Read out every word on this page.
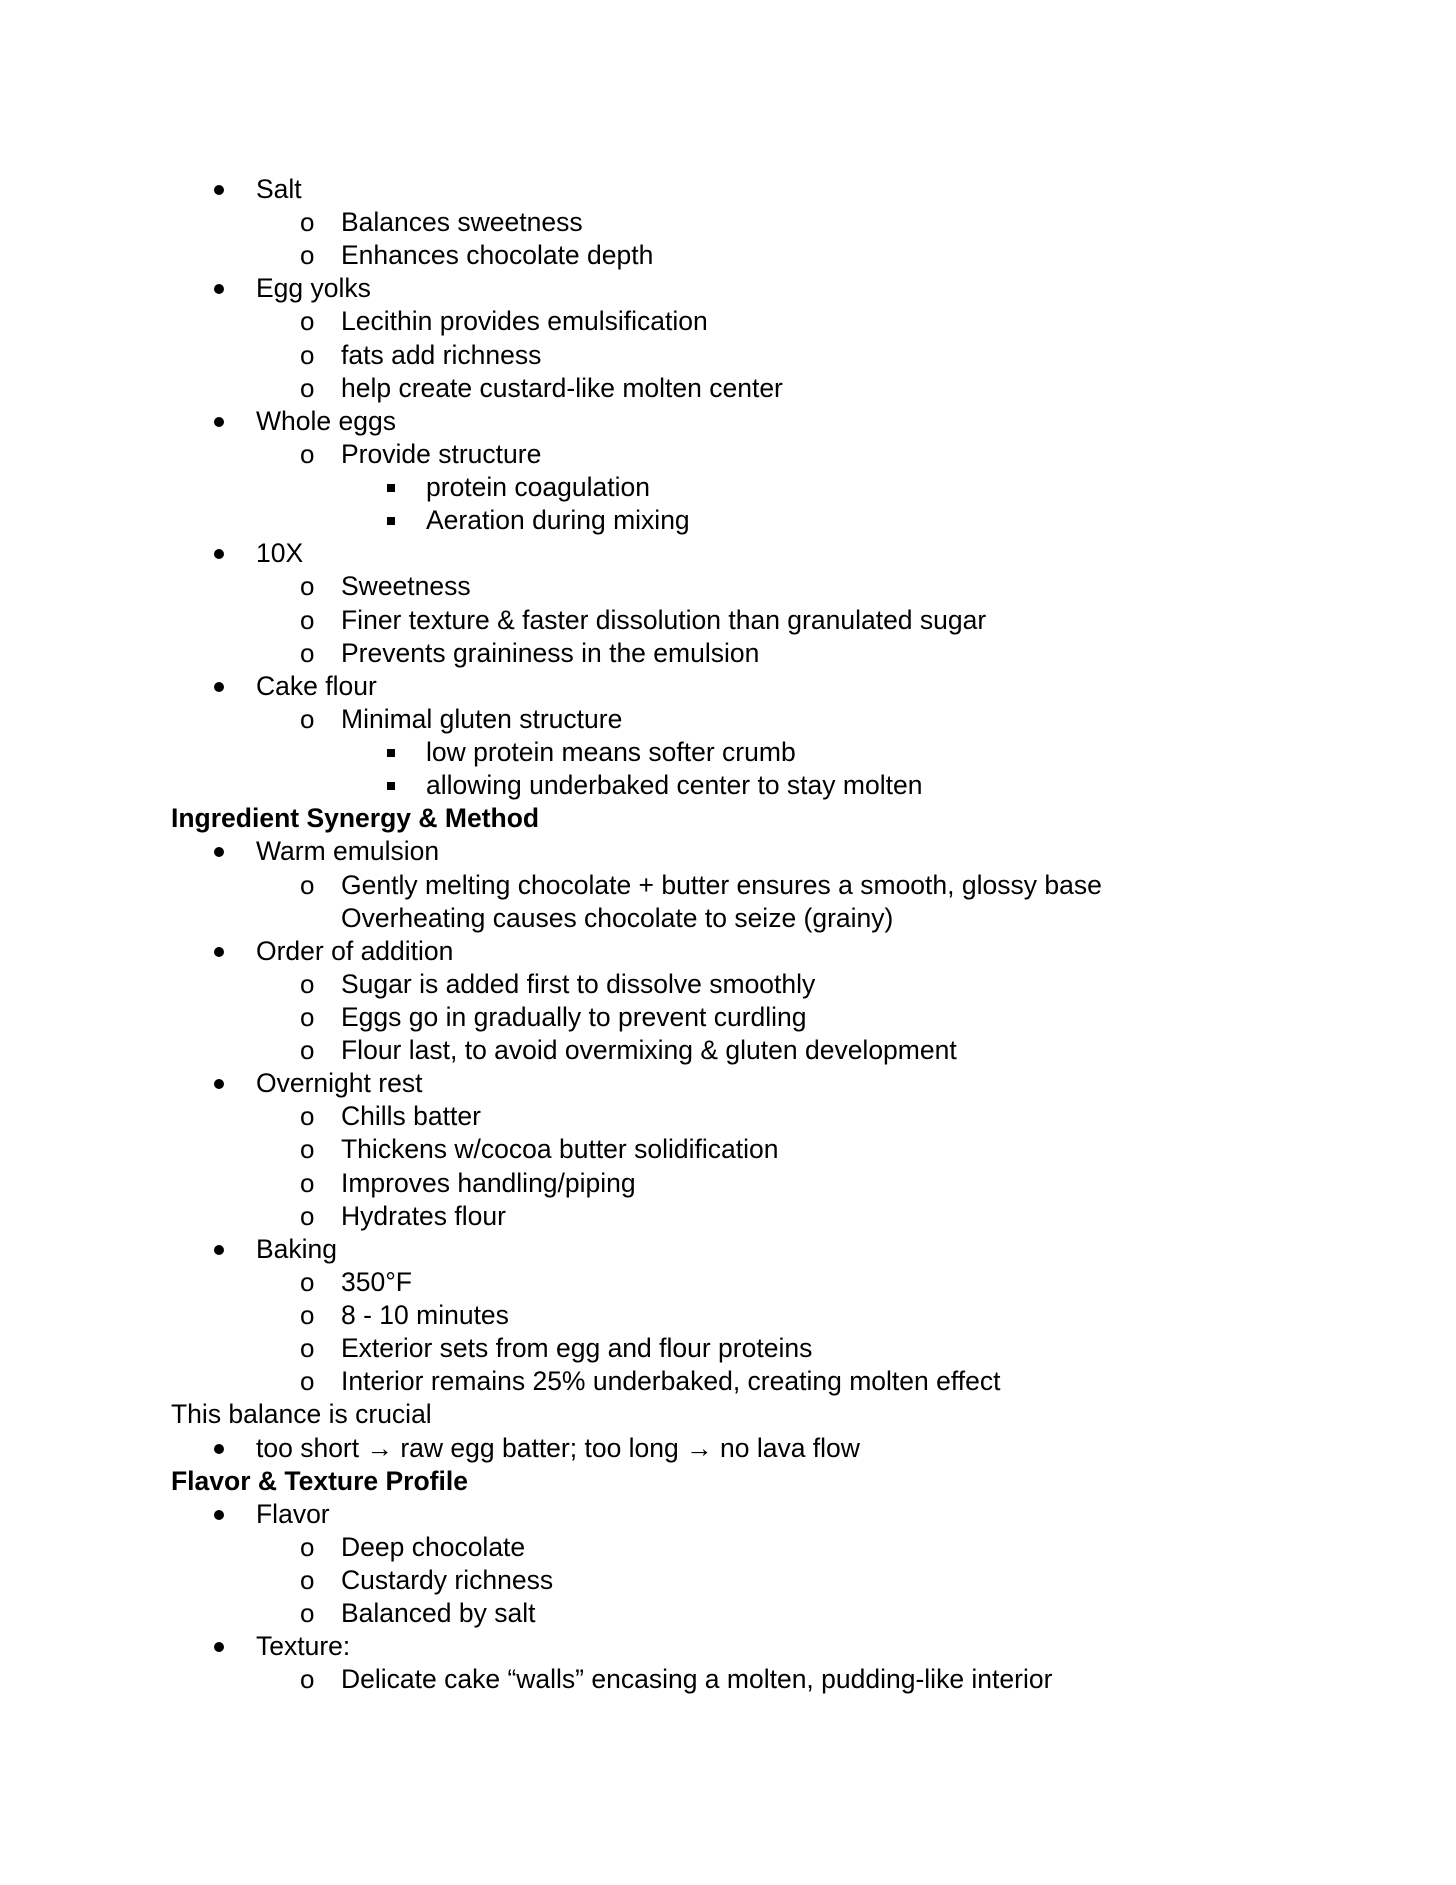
Salt
o Balances sweetness
o Enhances chocolate depth
Egg yolks
o Lecithin provides emulsification
o fats add richness
o help create custard-like molten center
Whole eggs
o Provide structure
protein coagulation
Aeration during mixing
10X
o Sweetness
o Finer texture & faster dissolution than granulated sugar
o Prevents graininess in the emulsion
Cake flour
o Minimal gluten structure
low protein means softer crumb
allowing underbaked center to stay molten
Ingredient Synergy & Method
Warm emulsion
o Gently melting chocolate + butter ensures a smooth, glossy base
Overheating causes chocolate to seize (grainy)
Order of addition
o Sugar is added first to dissolve smoothly
o Eggs go in gradually to prevent curdling
o Flour last, to avoid overmixing & gluten development
Overnight rest
o Chills batter
o Thickens w/cocoa butter solidification
o Improves handling/piping
o Hydrates flour
Baking
o 350°F
o 8 - 10 minutes
o Exterior sets from egg and flour proteins
o Interior remains 25% underbaked, creating molten effect
This balance is crucial
too short → raw egg batter; too long → no lava flow
Flavor & Texture Profile
Flavor
o Deep chocolate
o Custardy richness
o Balanced by salt
Texture:
o Delicate cake “walls” encasing a molten, pudding-like interior
